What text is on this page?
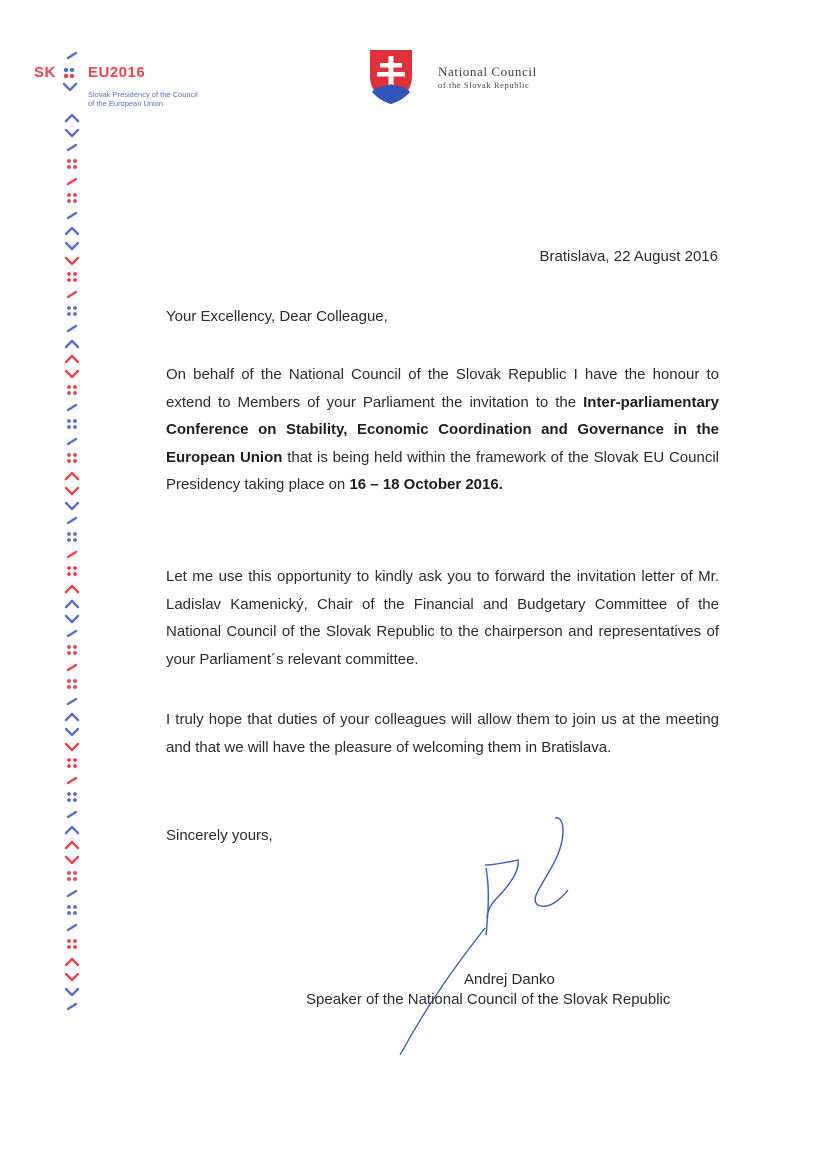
SK EU2016
Slovak Presidency of the Council
of the European Union
National Council
of the Slovak Republic
Bratislava, 22 August 2016
Your Excellency, Dear Colleague,

On behalf of the National Council of the Slovak Republic I have the honour to extend to Members of your Parliament the invitation to the Inter-parliamentary Conference on Stability, Economic Coordination and Governance in the European Union that is being held within the framework of the Slovak EU Council Presidency taking place on 16 – 18 October 2016.

Let me use this opportunity to kindly ask you to forward the invitation letter of Mr. Ladislav Kamenický, Chair of the Financial and Budgetary Committee of the National Council of the Slovak Republic to the chairperson and representatives of your Parliament´s relevant committee.

I truly hope that duties of your colleagues will allow them to join us at the meeting and that we will have the pleasure of welcoming them in Bratislava.

Sincerely yours,
Andrej Danko
Speaker of the National Council of the Slovak Republic
